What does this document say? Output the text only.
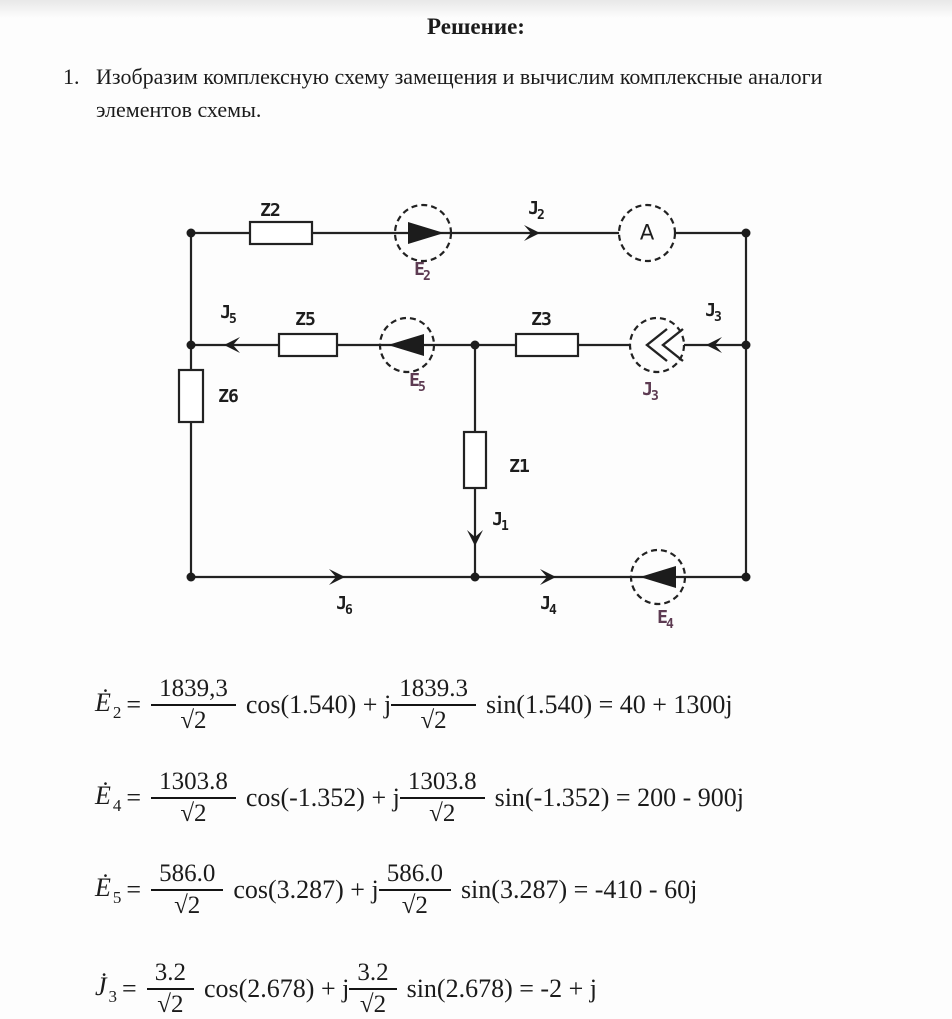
Решение:
1. Изобразим комплексную схему замещения и вычислим комплексные аналоги элементов схемы.
Z2
Z5	Z3
Z6
Z1
$J_2$
$J_5$	$J_3$
$J_3$
$J_1$
$J_6$	$J_4$
$E_2$
$E_5$
$E_4$
A
Ė $_2 = \frac{1839,3}{√2} \cos(1.540) + j \frac{1839.3}{√2} \sin(1.540) = 40 + 1300j$
Ė $_4 = \frac{1303.8}{√2} \cos(-1.352) + j \frac{1303.8}{√2} \sin(-1.352) = 200 - 900j$
Ė $_5 = \frac{586.0}{√2} \cos(3.287) + j \frac{586.0}{√2} \sin(3.287) = -410 - 60j$
J̇ $_3 = \frac{3.2}{√2} \cos(2.678) + j \frac{3.2}{√2} \sin(2.678) = -2 + j$
